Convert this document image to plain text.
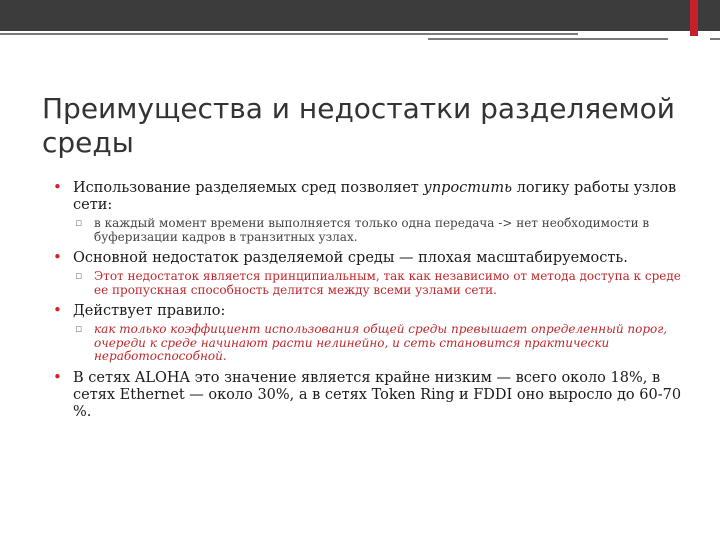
Преимущества и недостатки разделяемой среды
• Использование разделяемых сред позволяет упростить логику работы узлов сети:
▫ в каждый момент времени выполняется только одна передача -> нет необходимости в буферизации кадров в транзитных узлах.
• Основной недостаток разделяемой среды — плохая масштабируемость.
▫ Этот недостаток является принципиальным, так как независимо от метода доступа к среде ее пропускная способность делится между всеми узлами сети.
• Действует правило:
▫ как только коэффициент использования общей среды превышает определенный порог, очереди к среде начинают расти нелинейно, и сеть становится практически неработоспособной.
• В сетях ALOHA это значение является крайне низким — всего около 18%, в сетях Ethernet — около 30%, а в сетях Token Ring и FDDI оно выросло до 60-70 %.
